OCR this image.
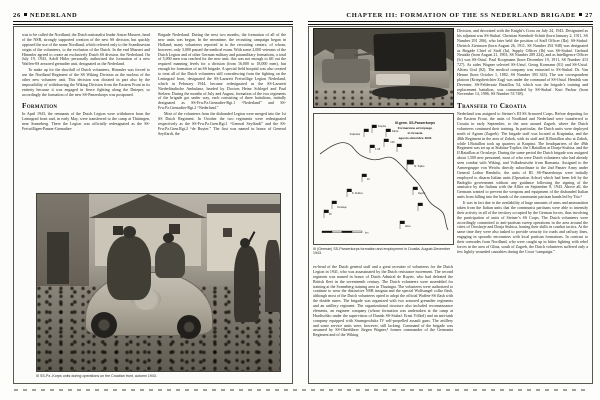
26 NEDERLAND

was to be called the Nordland, the Dutch nationalist leader Anton Mussert, head of the NSB, strongly supported creation of the new SS division, but quickly opposed the use of the name Nordland, which referred only to the Scandinavian origin of the volunteers, to the exclusion of the Dutch. In the end Mussert and Himmler agreed to create an exclusively Dutch SS division, the Nederland. On July 19, 1943, Adolf Hitler personally authorized the formation of a new Waffen-SS armored grenadier unit, designated as the Nederland.

To make up for the shortfall of Dutch volunteers, Himmler was forced to use the Nordland Regiment of the SS Wiking Division as the nucleus of the other new volunteer unit. This decision was dictated in part also by the impossibility of withdrawing the Wiking Division from the Eastern Front in its entirety because it was engaged in fierce fighting along the Dnieper, so accordingly the formation of the new SS-Panzerkorps was postponed.

Formation

In April 1943, the remnants of the Dutch Legion were withdrawn from the Leningrad front and, in early May, were transferred to the camp at Thüringen, near Sonneberg. There the Legion was officially redesignated as the SS-Freiwilligen-Panzer-Grenadier-

Brigade Nederland. During the next two months, the formation of all of the new units was begun. In the meantime, the recruiting campaign began in Holland; many volunteers reported in to the recruiting centers, of whom, however, only 3,000 passed the medical exam. With some 2,000 veterans of the Dutch Legion and of other German military and paramilitary formations, a total of 5,000 men was reached for the new unit; this was not enough to fill out the required manning levels for a division (from 16,000 to 18,000 men), but enough for formation of an SS brigade. A special field hospital was also created to treat all of the Dutch volunteers still convalescing from the fighting on the Leningrad front, designated the SS-Lazarett Freiwillige Legion Nederland, which in February 1944, became redesignated as the SS-Lazarett Niederländische Ambulanz, headed by Doctors Heinz Schlegel and Paul Stelzen. During the months of July and August, formation of the two regiments of the brigade got under way, each consisting of three battalions, initially designated as SS-Frw.Pz.Grenadier-Rgt.1 “Nederland” and SS-Frw.Pz.Grenadier-Rgt.2 “Nederland.”

Most of the volunteers from the disbanded Legion were merged into the 1st SS Dutch Regiment. In October the two regiments were redesignated respectively as the SS-Frw.Pz.Gren.Rgt.1 “General Seyffardt” and the SS-Frw.Pz.Gren.Rgt.2 “de Ruyter.” The first was named in honor of General Seyffardt, the

III SS-Pz.-Korps units during operations on the Croatian front, autumn 1943.
CHAPTER III: FORMATION OF THE SS NEDERLAND BRIGADE 27
III.germ. SS-Panzerkorps
Formazione ed impiego
in Croazia
agosto-dicembre 1943
Krapinska
Krapina
Zabok
I./48
II./48
St. Toplice
49
D. Stubica
Oroslavje
48
Zagreb
Glina
km
III (German) SS-Panzerkorps formation and employment in Croatia, August-December 1943.

ex-head of the Dutch general staff and a great recruiter of volunteers for the Dutch Legion in 1941, who was assassinated by the Dutch resistance movement. The second regiment was named in honor of Dutch Admiral de Ruyter, who had defeated the British fleet in the seventeenth century. The Dutch volunteers were assembled for training at the Sonneberg training area in Thuringia. The volunteers were authorized to continue to wear the distinctive NSB insignia and the special Wolfsangel collar flash, although most of the Dutch volunteers opted to adopt the official Waffen-SS flash with the double runes. The brigade was organized with two armored grenadier regiments and an artillery regiment. The organizational structure also included reconnaissance elements, an engineer company (whose formation was undertaken at the camp at Hradischko under the supervision of Danish SS-Stubaf. Ernst Völkel) and an anti-tank company equipped with Sturmgeschütz IV self-propelled assault guns. The artillery and some service units were, however, still lacking. Command of the brigade was assumed by SS-Oberführer Jürgen Wagner,² former commander of the Germania Regiment and of the Wiking

Division, and decorated with the Knight’s Cross on July 24, 1943. Designated as his adjutant was SS-Stubaf. Christian Steenholt-Schütt (born January 2, 1911, SS Number 291 206), who later held the position of Staff Officer (IIa). SS-Stubaf. Dietrich Ziemssen (born August 26, 1911, SS Number 292 948) was designated as Brigade Chief of Staff (Ia). Supply Officer (Ib) was SS-Stubaf. Gerhard Neutzke (born August 21, 1903, SS Number 289 224), and as Intelligence Officer (Ic) was SS-Ostuf. Paul Koopmann (born December 19, 1911, SS Number 413 727). As aides Wagner selected SS-Ustuf. Georg Kormann (01) and SS-Ustuf. Alfons Graf (02). The medical company was entrusted to SS-Stubaf. Dr. Van Hemse (born October 1, 1882, SS Number 393 343). The war correspondent platoon (Kriegsberichter Zug) was under the command of SS-Ostuf. Hendrik van Deventer. SS-Feldersatz Bataillon 54, which was the brigade’s training and replacement battalion, was commanded by SS-Stubaf. Kurt Pachur (born November 14, 1906, SS Number 53 748).

Transfer to Croatia

Nederland was assigned to Steiner’s III SS Armored Corps. Before departing for the Eastern Front, the units of Nordland and Nederland were transferred to Croatia in early September, to the area around Zagreb, where the Dutch volunteers continued their training. In particular, the Dutch units were deployed north of Agram (Zagreb). The brigade staff was located at Krapinska, and the 48th Regiment in the area of Zabok, with its staff and II.Bataillon also at Zabok, while I.Bataillon took up quarters at Krapina. The headquarters of the 49th Regiment was set up at Stubitsa-Toplice, the I.Bataillon at Donja-Stubica, and the II.Bataillon at Oroslavje. During the same period the Dutch brigade was assigned about 1,500 new personnel, most of who were Dutch volunteers who had already seen combat with Wiking, and Volksdeutsche from Romania. Assigned to the Armeegruppe von Weichs directly subordinate to the 2nd Panzer Army under General Lothar Rendulic, the units of III. SS-Panzerkorps were initially employed to disarm Italian units (Operation Achse) which had been left by the Badoglio government without any guidance following the signing of the armistice by the Italians with the Allies on September 8, 1943. Above all, the Germans wanted to prevent the weapons and equipment of the disbanded Italian units from falling into the hands of the communist partisan bands led by Tito.³

It was in fact due to the availability of huge amounts of arms and ammunition taken from the Italian units that the communist partisans were able to intensify their activity in all of the territory occupied by the German forces, thus involving the participation of units of Steiner’s SS Corps. The Dutch volunteers were accordingly committed to anti-partisan sweep operations in the area around the cities of Oroslavje and Donja Stubica, honing their skills in combat tactics. At the same time they were also tasked to provide security for roads and railway lines, engaging in sporadic encounters with local partisan formations. In contrast to their comrades from Nordland, who were caught up in bitter fighting with rebel forces in the area of Glina, south of Zagreb, the Dutch volunteers suffered only a few lightly wounded casualties during the Croat “campaign.”
